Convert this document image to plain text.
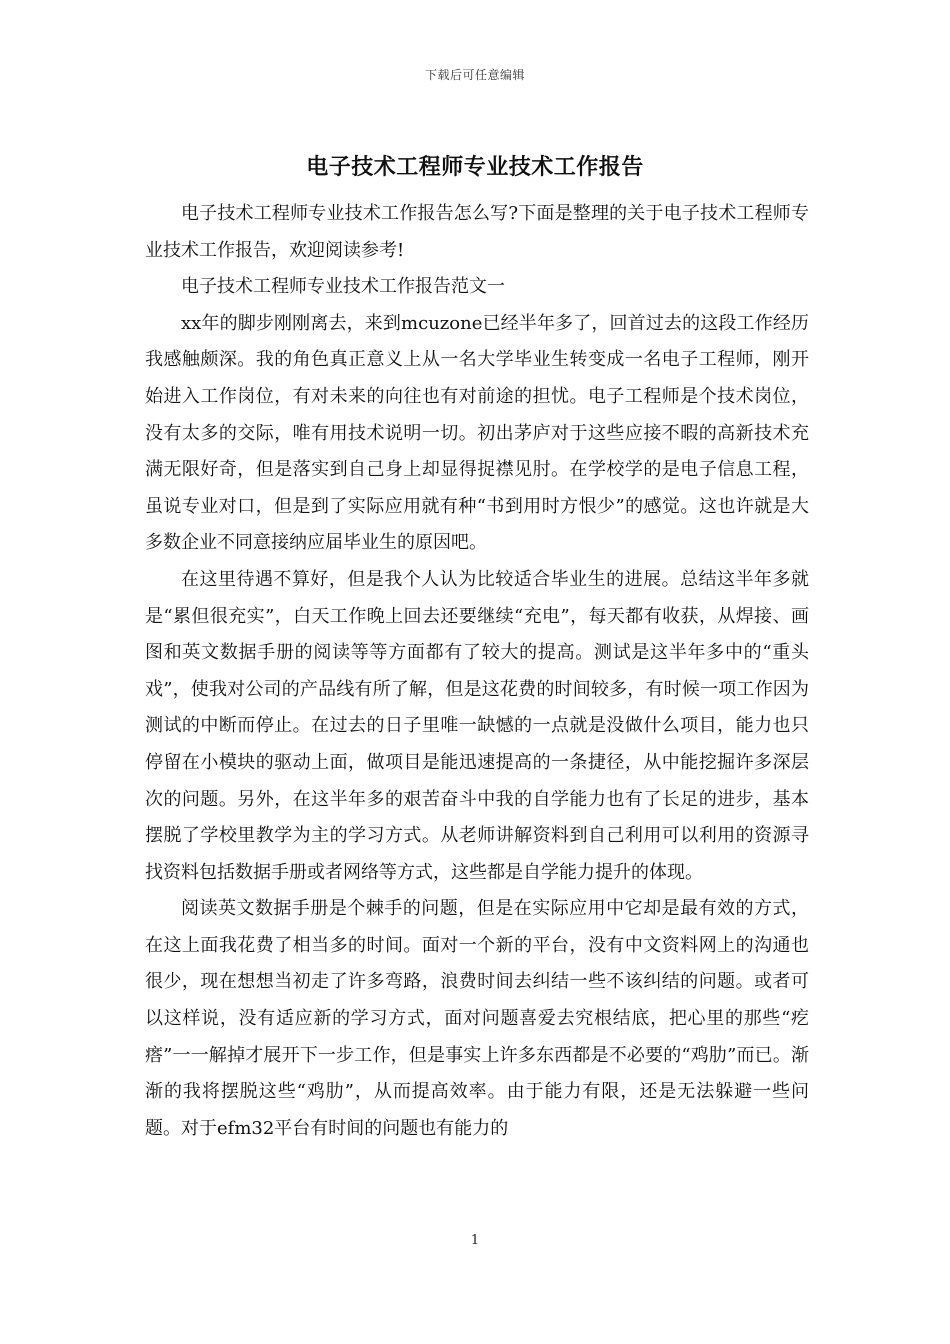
下载后可任意编辑
电子技术工程师专业技术工作报告

电子技术工程师专业技术工作报告怎么写?下面是整理的关于电子技术工程师专业技术工作报告，欢迎阅读参考!

电子技术工程师专业技术工作报告范文一

xx年的脚步刚刚离去，来到mcuzone已经半年多了，回首过去的这段工作经历我感触颇深。我的角色真正意义上从一名大学毕业生转变成一名电子工程师，刚开始进入工作岗位，有对未来的向往也有对前途的担忧。电子工程师是个技术岗位，没有太多的交际，唯有用技术说明一切。初出茅庐对于这些应接不暇的高新技术充满无限好奇，但是落实到自己身上却显得捉襟见肘。在学校学的是电子信息工程，虽说专业对口，但是到了实际应用就有种“书到用时方恨少”的感觉。这也许就是大多数企业不同意接纳应届毕业生的原因吧。

在这里待遇不算好，但是我个人认为比较适合毕业生的进展。总结这半年多就是“累但很充实”，白天工作晚上回去还要继续“充电”，每天都有收获，从焊接、画图和英文数据手册的阅读等等方面都有了较大的提高。测试是这半年多中的“重头戏”，使我对公司的产品线有所了解，但是这花费的时间较多，有时候一项工作因为测试的中断而停止。在过去的日子里唯一缺憾的一点就是没做什么项目，能力也只停留在小模块的驱动上面，做项目是能迅速提高的一条捷径，从中能挖掘许多深层次的问题。另外，在这半年多的艰苦奋斗中我的自学能力也有了长足的进步，基本摆脱了学校里教学为主的学习方式。从老师讲解资料到自己利用可以利用的资源寻找资料包括数据手册或者网络等方式，这些都是自学能力提升的体现。

阅读英文数据手册是个棘手的问题，但是在实际应用中它却是最有效的方式，在这上面我花费了相当多的时间。面对一个新的平台，没有中文资料网上的沟通也很少，现在想想当初走了许多弯路，浪费时间去纠结一些不该纠结的问题。或者可以这样说，没有适应新的学习方式，面对问题喜爱去究根结底，把心里的那些“疙瘩”一一解掉才展开下一步工作，但是事实上许多东西都是不必要的“鸡肋”而已。渐渐的我将摆脱这些“鸡肋”，从而提高效率。由于能力有限，还是无法躲避一些问题。对于efm32平台有时间的问题也有能力的

1
